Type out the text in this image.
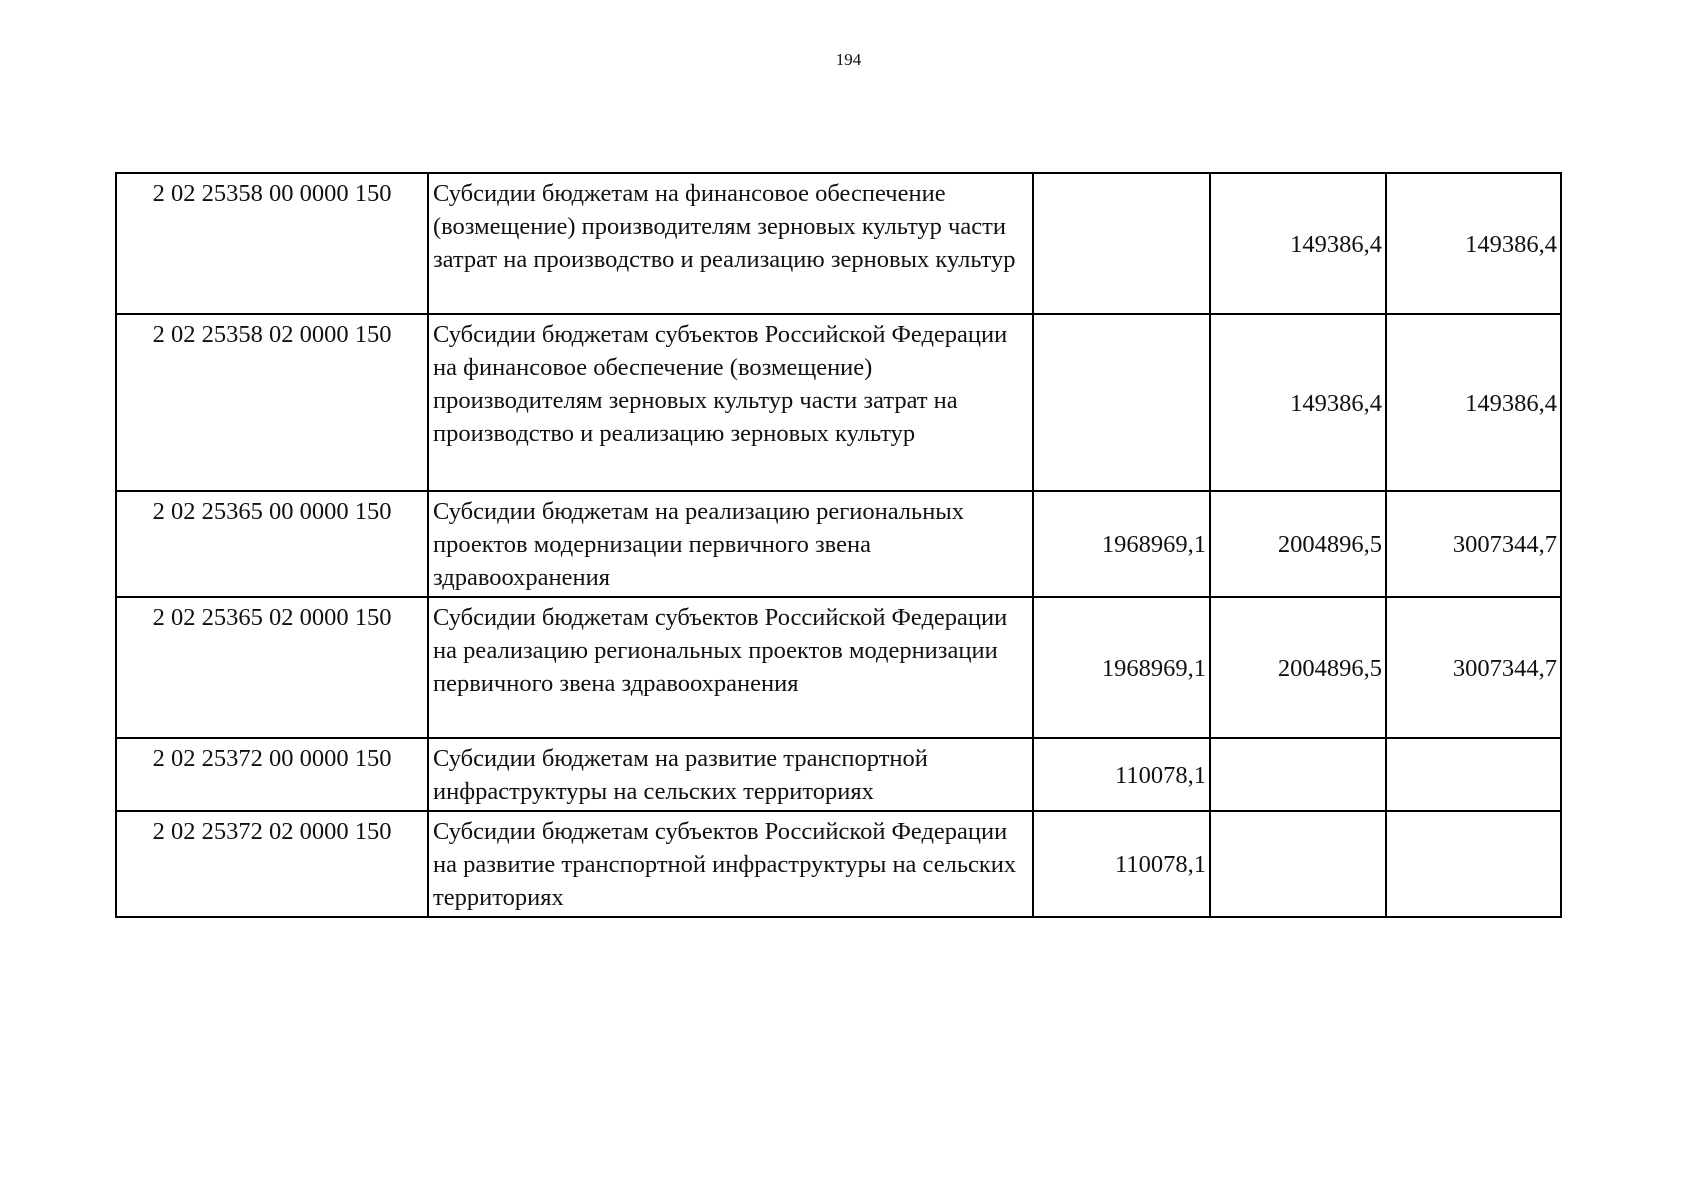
194
2 02 25358 00 0000 150	Субсидии бюджетам на финансовое обеспечение (возмещение) производителям зерновых культур части затрат на производство и реализацию зерновых культур		149386,4	149386,4
2 02 25358 02 0000 150	Субсидии бюджетам субъектов Российской Федерации на финансовое обеспечение (возмещение) производителям зерновых культур части затрат на производство и реализацию зерновых культур		149386,4	149386,4
2 02 25365 00 0000 150	Субсидии бюджетам на реализацию региональных проектов модернизации первичного звена здравоохранения	1968969,1	2004896,5	3007344,7
2 02 25365 02 0000 150	Субсидии бюджетам субъектов Российской Федерации на реализацию региональных проектов модернизации первичного звена здравоохранения	1968969,1	2004896,5	3007344,7
2 02 25372 00 0000 150	Субсидии бюджетам на развитие транспортной инфраструктуры на сельских территориях	110078,1		
2 02 25372 02 0000 150	Субсидии бюджетам субъектов Российской Федерации на развитие транспортной инфраструктуры на сельских территориях	110078,1		
